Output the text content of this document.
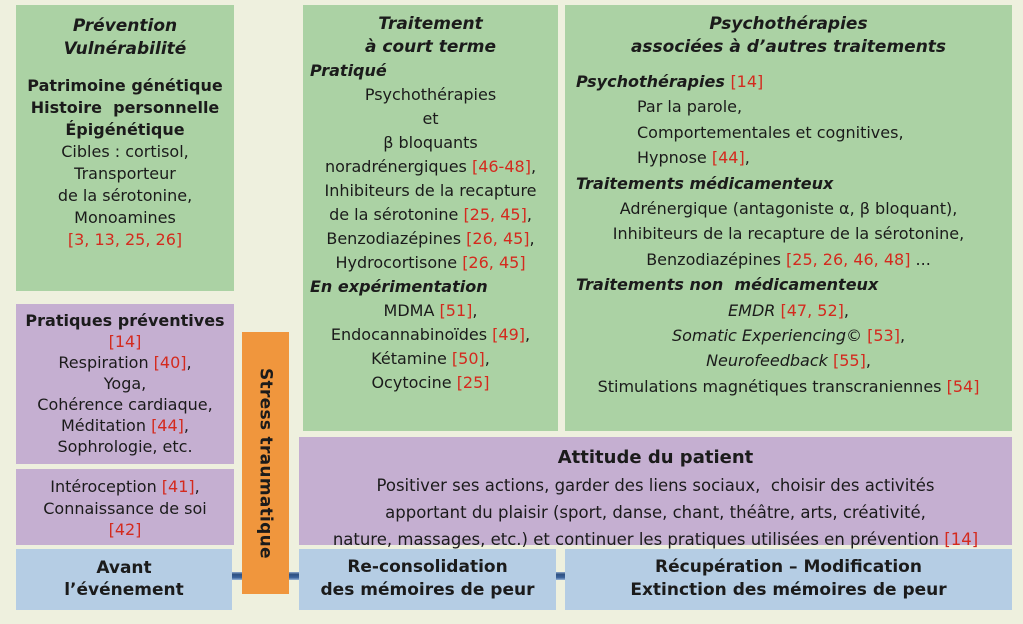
Prévention
Vulnérabilité
Patrimoine génétique
Histoire  personnelle
Épigénétique
Cibles : cortisol,
Transporteur
de la sérotonine,
Monoamines
[3, 13, 25, 26]
Pratiques préventives
[14]
Respiration [40],
Yoga,
Cohérence cardiaque,
Méditation [44],
Sophrologie, etc.
Intéroception [41],
Connaissance de soi
[42]
Avant
l’événement
Stress traumatique
Traitement
à court terme
Pratiqué
Psychothérapies
et
β bloquants
noradrénergiques [46-48],
Inhibiteurs de la recapture
de la sérotonine [25, 45],
Benzodiazépines [26, 45],
Hydrocortisone [26, 45]
En expérimentation
MDMA [51],
Endocannabinoïdes [49],
Kétamine [50],
Ocytocine [25]
Psychothérapies
associées à d’autres traitements
Psychothérapies [14]
Par la parole,
Comportementales et cognitives,
Hypnose [44],
Traitements médicamenteux
Adrénergique (antagoniste α, β bloquant),
Inhibiteurs de la recapture de la sérotonine,
Benzodiazépines [25, 26, 46, 48] ...
Traitements non  médicamenteux
EMDR [47, 52],
Somatic Experiencing© [53],
Neurofeedback [55],
Stimulations magnétiques transcraniennes [54]
Attitude du patient
Positiver ses actions, garder des liens sociaux,  choisir des activités
apportant du plaisir (sport, danse, chant, théâtre, arts, créativité,
nature, massages, etc.) et continuer les pratiques utilisées en prévention [14]
Re-consolidation
des mémoires de peur
Récupération – Modification
Extinction des mémoires de peur
